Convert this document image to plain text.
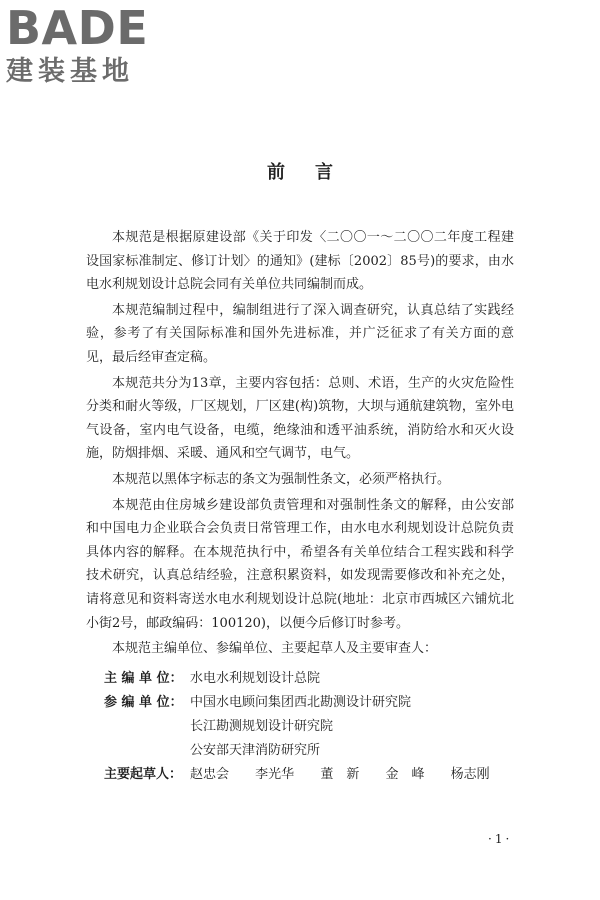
BADE
建装基地
前言

本规范是根据原建设部《关于印发〈二〇〇一～二〇〇二年度工程建设国家标准制定、修订计划〉的通知》(建标〔2002〕85号)的要求，由水电水利规划设计总院会同有关单位共同编制而成。

本规范编制过程中，编制组进行了深入调查研究，认真总结了实践经验，参考了有关国际标准和国外先进标准，并广泛征求了有关方面的意见，最后经审查定稿。

本规范共分为13章，主要内容包括：总则、术语，生产的火灾危险性分类和耐火等级，厂区规划，厂区建(构)筑物，大坝与通航建筑物，室外电气设备，室内电气设备，电缆，绝缘油和透平油系统，消防给水和灭火设施，防烟排烟、采暖、通风和空气调节，电气。

本规范以黑体字标志的条文为强制性条文，必须严格执行。

本规范由住房城乡建设部负责管理和对强制性条文的解释，由公安部和中国电力企业联合会负责日常管理工作，由水电水利规划设计总院负责具体内容的解释。在本规范执行中，希望各有关单位结合工程实践和科学技术研究，认真总结经验，注意积累资料，如发现需要修改和补充之处，请将意见和资料寄送水电水利规划设计总院(地址：北京市西城区六铺炕北小街2号，邮政编码：100120)，以便今后修订时参考。

本规范主编单位、参编单位、主要起草人及主要审查人：

主 编 单 位： 水电水利规划设计总院
参 编 单 位： 中国水电顾问集团西北勘测设计研究院
长江勘测规划设计研究院
公安部天津消防研究所
主要起草人： 赵忠会 李光华 董　新 金　峰 杨志刚
·1·
